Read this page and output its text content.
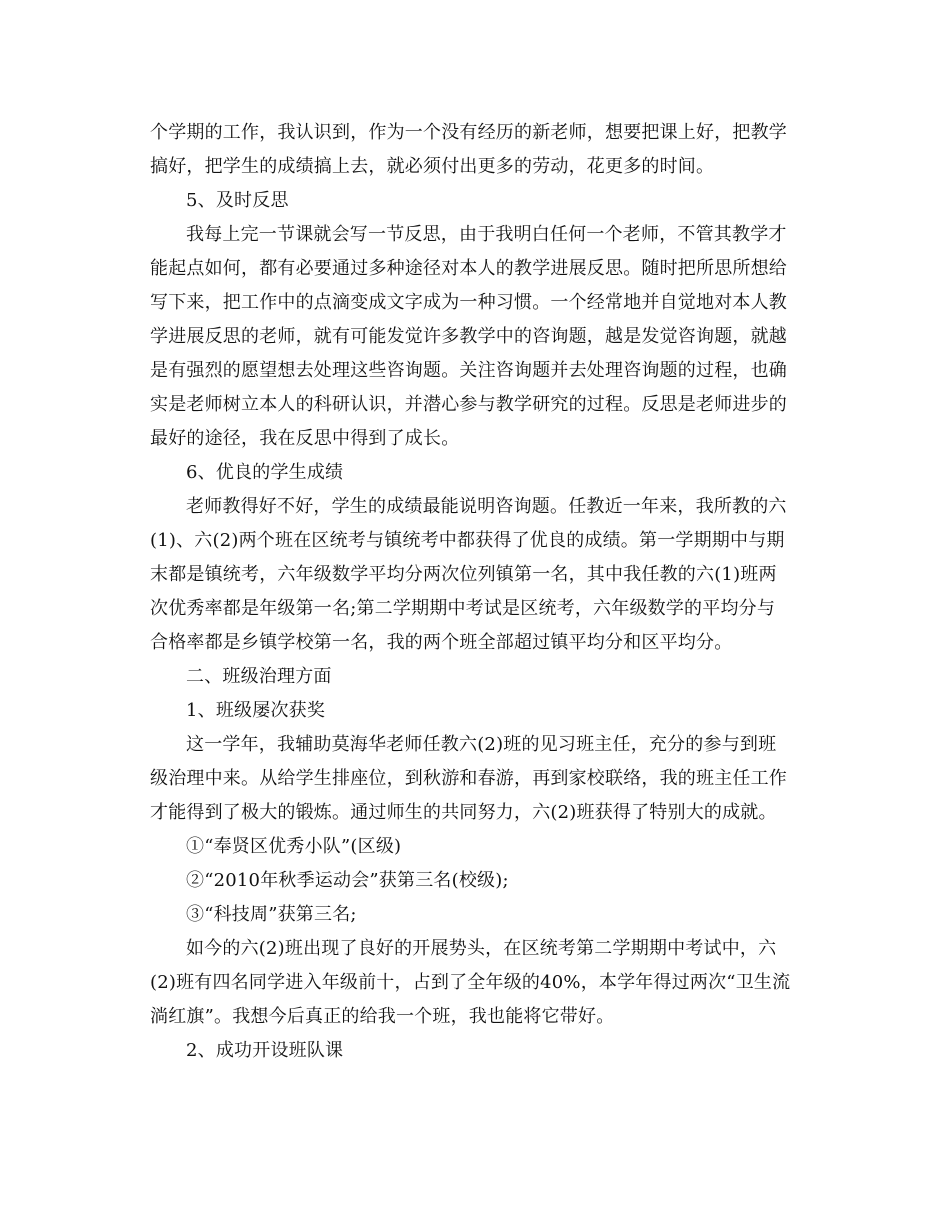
个学期的工作，我认识到，作为一个没有经历的新老师，想要把课上好，把教学
搞好，把学生的成绩搞上去，就必须付出更多的劳动，花更多的时间。
5、及时反思
我每上完一节课就会写一节反思，由于我明白任何一个老师，不管其教学才
能起点如何，都有必要通过多种途径对本人的教学进展反思。随时把所思所想给
写下来，把工作中的点滴变成文字成为一种习惯。一个经常地并自觉地对本人教
学进展反思的老师，就有可能发觉许多教学中的咨询题，越是发觉咨询题，就越
是有强烈的愿望想去处理这些咨询题。关注咨询题并去处理咨询题的过程，也确
实是老师树立本人的科研认识，并潜心参与教学研究的过程。反思是老师进步的
最好的途径，我在反思中得到了成长。
6、优良的学生成绩
老师教得好不好，学生的成绩最能说明咨询题。任教近一年来，我所教的六
(1)、六(2)两个班在区统考与镇统考中都获得了优良的成绩。第一学期期中与期
末都是镇统考，六年级数学平均分两次位列镇第一名，其中我任教的六(1)班两
次优秀率都是年级第一名;第二学期期中考试是区统考，六年级数学的平均分与
合格率都是乡镇学校第一名，我的两个班全部超过镇平均分和区平均分。
二、班级治理方面
1、班级屡次获奖
这一学年，我辅助莫海华老师任教六(2)班的见习班主任，充分的参与到班
级治理中来。从给学生排座位，到秋游和春游，再到家校联络，我的班主任工作
才能得到了极大的锻炼。通过师生的共同努力，六(2)班获得了特别大的成就。
①“奉贤区优秀小队”(区级)
②“2010年秋季运动会”获第三名(校级);
③“科技周”获第三名;
如今的六(2)班出现了良好的开展势头，在区统考第二学期期中考试中，六
(2)班有四名同学进入年级前十，占到了全年级的40%，本学年得过两次“卫生流
淌红旗”。我想今后真正的给我一个班，我也能将它带好。
2、成功开设班队课
